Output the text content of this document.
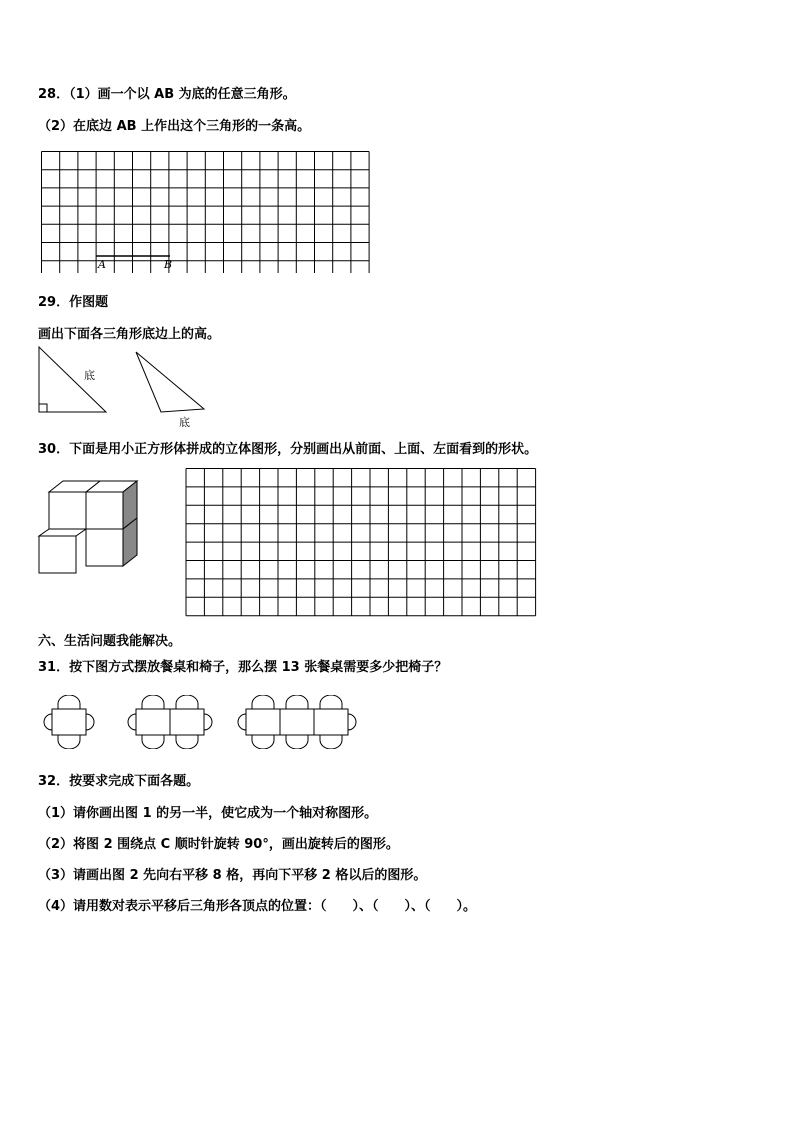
28．（1）画一个以 AB 为底的任意三角形。
（2）在底边 AB 上作出这个三角形的一条高。
A	B
29．作图题
画出下面各三角形底边上的高。
底
底
30．下面是用小正方形体拼成的立体图形，分别画出从前面、上面、左面看到的形状。
六、生活问题我能解决。
31．按下图方式摆放餐桌和椅子，那么摆 13 张餐桌需要多少把椅子？
32．按要求完成下面各题。
（1）请你画出图 1 的另一半，使它成为一个轴对称图形。
（2）将图 2 围绕点 C 顺时针旋转 90°，画出旋转后的图形。
（3）请画出图 2 先向右平移 8 格，再向下平移 2 格以后的图形。
（4）请用数对表示平移后三角形各顶点的位置：（　　）、（　　）、（　　）。
